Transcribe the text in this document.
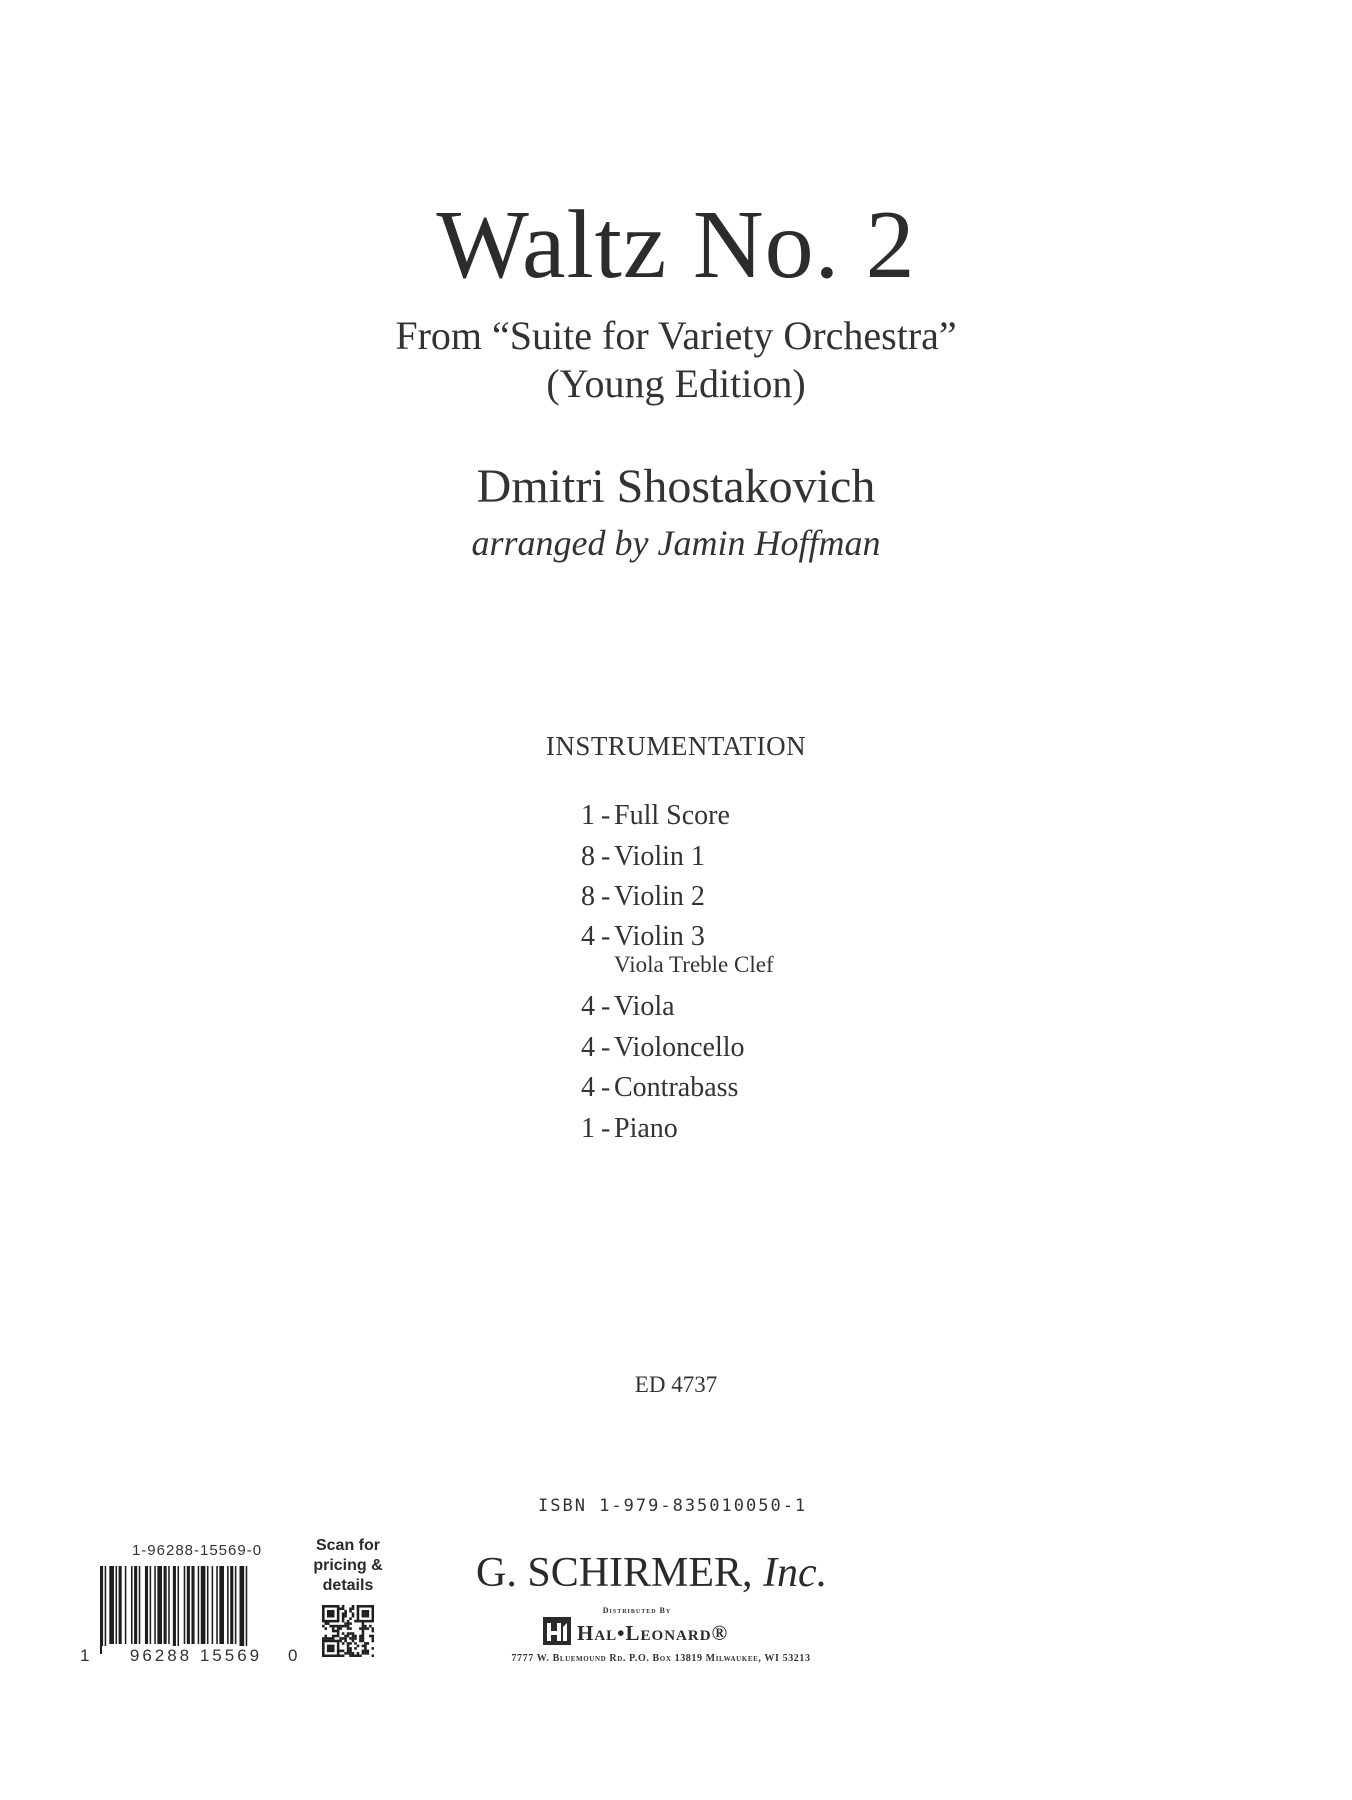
Waltz No. 2
From “Suite for Variety Orchestra”
(Young Edition)
Dmitri Shostakovich
arranged by Jamin Hoffman
INSTRUMENTATION
1 - Full Score
8 - Violin 1
8 - Violin 2
4 - Violin 3
Viola Treble Clef
4 - Viola
4 - Violoncello
4 - Contrabass
1 - Piano
ED 4737
ISBN 1-979-835010050-1
G. SCHIRMER, Inc.
Distributed By
Hal•Leonard®
7777 W. Bluemound Rd. P.O. Box 13819 Milwaukee, WI 53213
1-96288-15569-0
1	96288 15569	0
Scan for pricing & details
